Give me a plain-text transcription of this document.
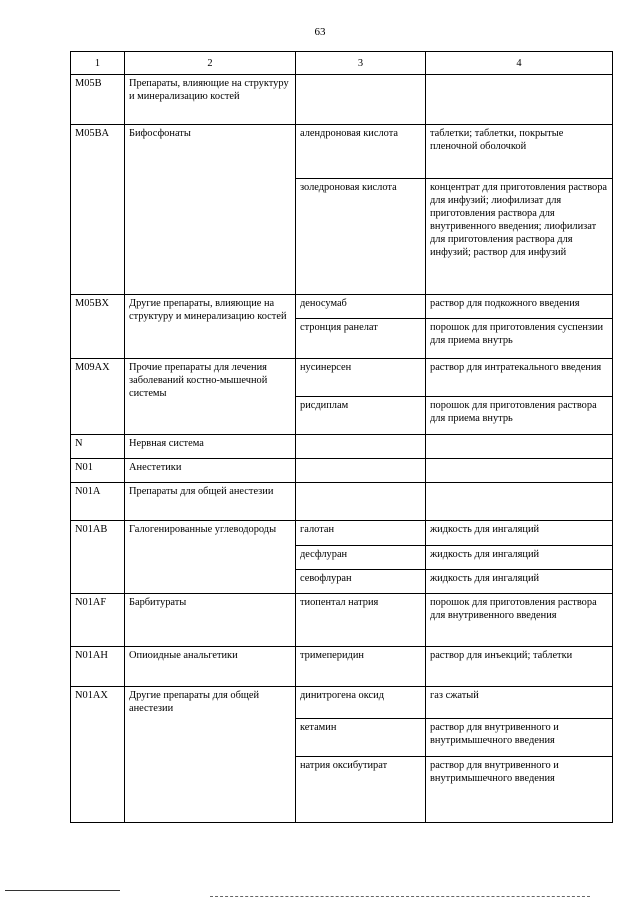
63
1	2	3	4
M05B	Препараты, влияющие на структуру и минерализацию костей		
M05BA	Бифосфонаты	алендроновая кислота	таблетки; таблетки, покрытые пленочной оболочкой
		золедроновая кислота	концентрат для приготовления раствора для инфузий; лиофилизат для приготовления раствора для внутривенного введения; лиофилизат для приготовления раствора для инфузий; раствор для инфузий
M05BX	Другие препараты, влияющие на структуру и минерализацию костей	деносумаб	раствор для подкожного введения
		стронция ранелат	порошок для приготовления суспензии для приема внутрь
M09AX	Прочие препараты для лечения заболеваний костно-мышечной системы	нусинерсен	раствор для интратекального введения
		рисдиплам	порошок для приготовления раствора для приема внутрь
N	Нервная система		
N01	Анестетики		
N01A	Препараты для общей анестезии		
N01AB	Галогенированные углеводороды	галотан	жидкость для ингаляций
		десфлуран	жидкость для ингаляций
		севофлуран	жидкость для ингаляций
N01AF	Барбитураты	тиопентал натрия	порошок для приготовления раствора для внутривенного введения
N01AH	Опиоидные анальгетики	тримеперидин	раствор для инъекций; таблетки
N01AX	Другие препараты для общей анестезии	динитрогена оксид	газ сжатый
		кетамин	раствор для внутривенного и внутримышечного введения
		натрия оксибутират	раствор для внутривенного и внутримышечного введения
